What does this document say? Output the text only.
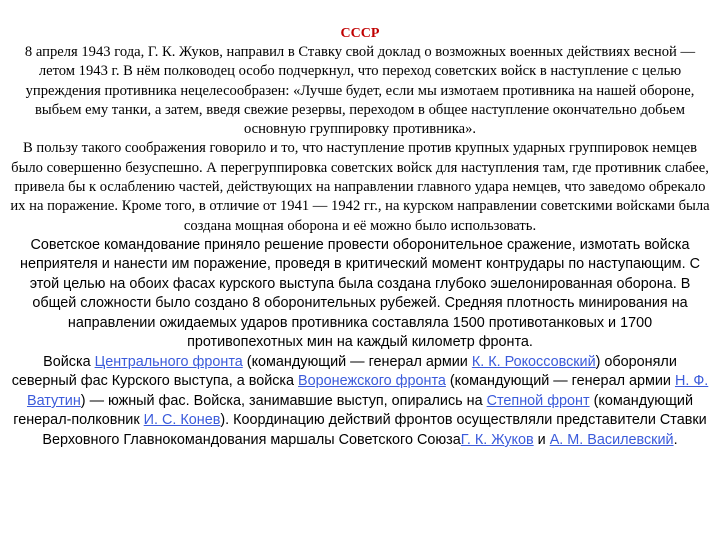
СССР

8 апреля 1943 года, Г. К. Жуков, направил в Ставку свой доклад о возможных военных действиях весной — летом 1943 г. В нём полководец особо подчеркнул, что переход советских войск в наступление с целью упреждения противника нецелесообразен: «Лучше будет, если мы измотаем противника на нашей обороне, выбьем ему танки, а затем, введя свежие резервы, переходом в общее наступление окончательно добьем основную группировку противника».

В пользу такого соображения говорило и то, что наступление против крупных ударных группировок немцев было совершенно безуспешно. А перегруппировка советских войск для наступления там, где противник слабее, привела бы к ослаблению частей, действующих на направлении главного удара немцев, что заведомо обрекало их на поражение. Кроме того, в отличие от 1941 — 1942 гг., на курском направлении советскими войсками была создана мощная оборона и её можно было использовать.

Советское командование приняло решение провести оборонительное сражение, измотать войска неприятеля и нанести им поражение, проведя в критический момент контрудары по наступающим. С этой целью на обоих фасах курского выступа была создана глубоко эшелонированная оборона. В общей сложности было создано 8 оборонительных рубежей. Средняя плотность минирования на направлении ожидаемых ударов противника составляла 1500 противотанковых и 1700 противопехотных мин на каждый километр фронта.

Войска Центрального фронта (командующий — генерал армии К. К. Рокоссовский) обороняли северный фас Курского выступа, а войска Воронежского фронта (командующий — генерал армии Н. Ф. Ватутин) — южный фас. Войска, занимавшие выступ, опирались на Степной фронт (командующий генерал-полковник И. С. Конев). Координацию действий фронтов осуществляли представители Ставки Верховного Главнокомандования маршалы Советского СоюзаГ. К. Жуков и А. М. Василевский.
